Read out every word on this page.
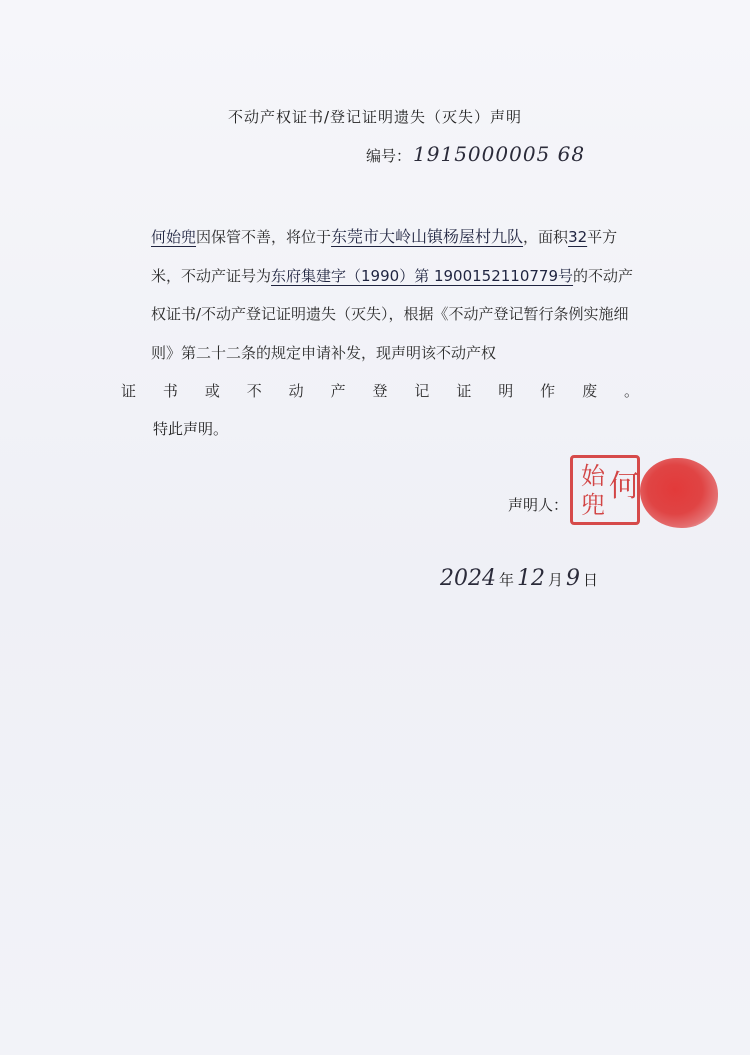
不动产权证书/登记证明遗失（灭失）声明
编号： 1915000005 68

何始兜因保管不善，将位于东莞市大岭山镇杨屋村九队，面积32平方米，不动产证号为东府集建字（1990）第 1900152110779号的不动产权证书/不动产登记证明遗失（灭失），根据《不动产登记暂行条例实施细则》第二十二条的规定申请补发，现声明该不动产权

证书或不动产登记证明作废。

特此声明。
声明人：
始
兜
何
2024 年 12 月 9 日
